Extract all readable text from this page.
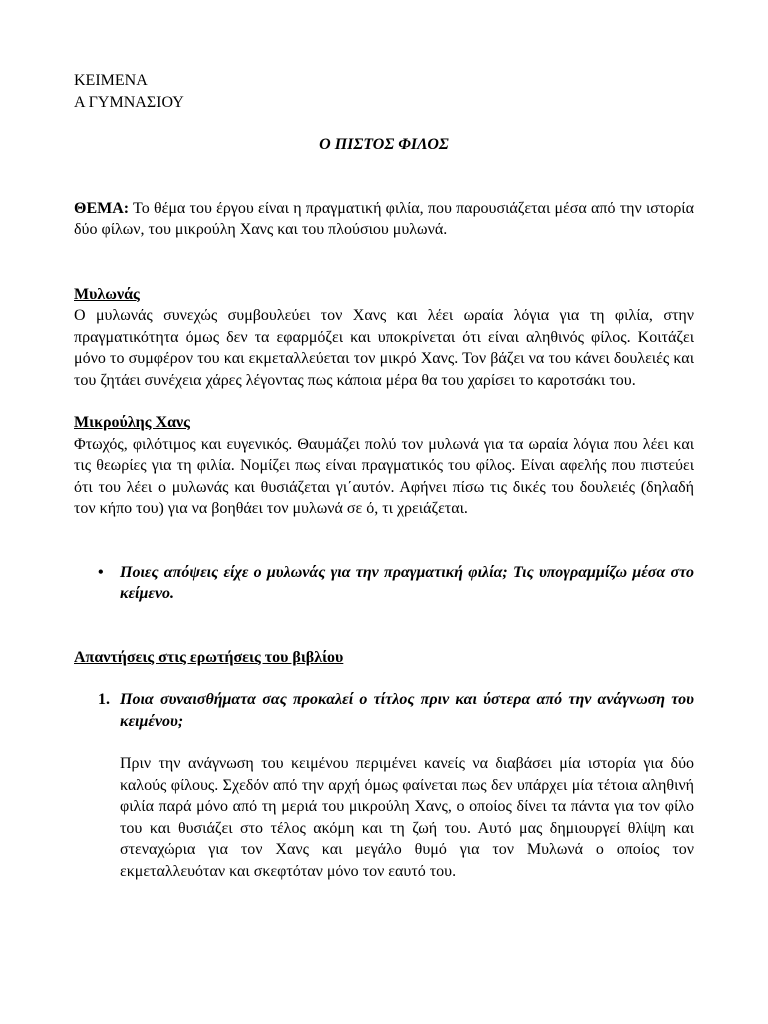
ΚΕΙΜΕΝΑ
Α ΓΥΜΝΑΣΙΟΥ
Ο ΠΙΣΤΟΣ ΦΙΛΟΣ
ΘΕΜΑ: Το θέμα του έργου είναι η πραγματική φιλία, που παρουσιάζεται μέσα από την ιστορία δύο φίλων, του μικρούλη Χανς και του πλούσιου μυλωνά.
Μυλωνάς
Ο μυλωνάς συνεχώς συμβουλεύει τον Χανς και λέει ωραία λόγια για τη φιλία, στην πραγματικότητα όμως δεν τα εφαρμόζει και υποκρίνεται ότι είναι αληθινός φίλος. Κοιτάζει μόνο το συμφέρον του και εκμεταλλεύεται τον μικρό Χανς. Τον βάζει να του κάνει δουλειές και του ζητάει συνέχεια χάρες λέγοντας πως κάποια μέρα θα του χαρίσει το καροτσάκι του.
Μικρούλης Χανς
Φτωχός, φιλότιμος και ευγενικός. Θαυμάζει πολύ τον μυλωνά για τα ωραία λόγια που λέει και τις θεωρίες για τη φιλία. Νομίζει πως είναι πραγματικός του φίλος. Είναι αφελής που πιστεύει ότι του λέει ο μυλωνάς και θυσιάζεται γι΄αυτόν. Αφήνει πίσω τις δικές του δουλειές (δηλαδή τον κήπο του) για να βοηθάει τον μυλωνά σε ό, τι χρειάζεται.
• Ποιες απόψεις είχε ο μυλωνάς για την πραγματική φιλία; Τις υπογραμμίζω μέσα στο κείμενο.
Απαντήσεις στις ερωτήσεις του βιβλίου
1. Ποια συναισθήματα σας προκαλεί ο τίτλος πριν και ύστερα από την ανάγνωση του κειμένου;
Πριν την ανάγνωση του κειμένου περιμένει κανείς να διαβάσει μία ιστορία για δύο καλούς φίλους. Σχεδόν από την αρχή όμως φαίνεται πως δεν υπάρχει μία τέτοια αληθινή φιλία παρά μόνο από τη μεριά του μικρούλη Χανς, ο οποίος δίνει τα πάντα για τον φίλο του και θυσιάζει στο τέλος ακόμη και τη ζωή του. Αυτό μας δημιουργεί θλίψη και στεναχώρια για τον Χανς και μεγάλο θυμό για τον Μυλωνά ο οποίος τον εκμεταλλευόταν και σκεφτόταν μόνο τον εαυτό του.
